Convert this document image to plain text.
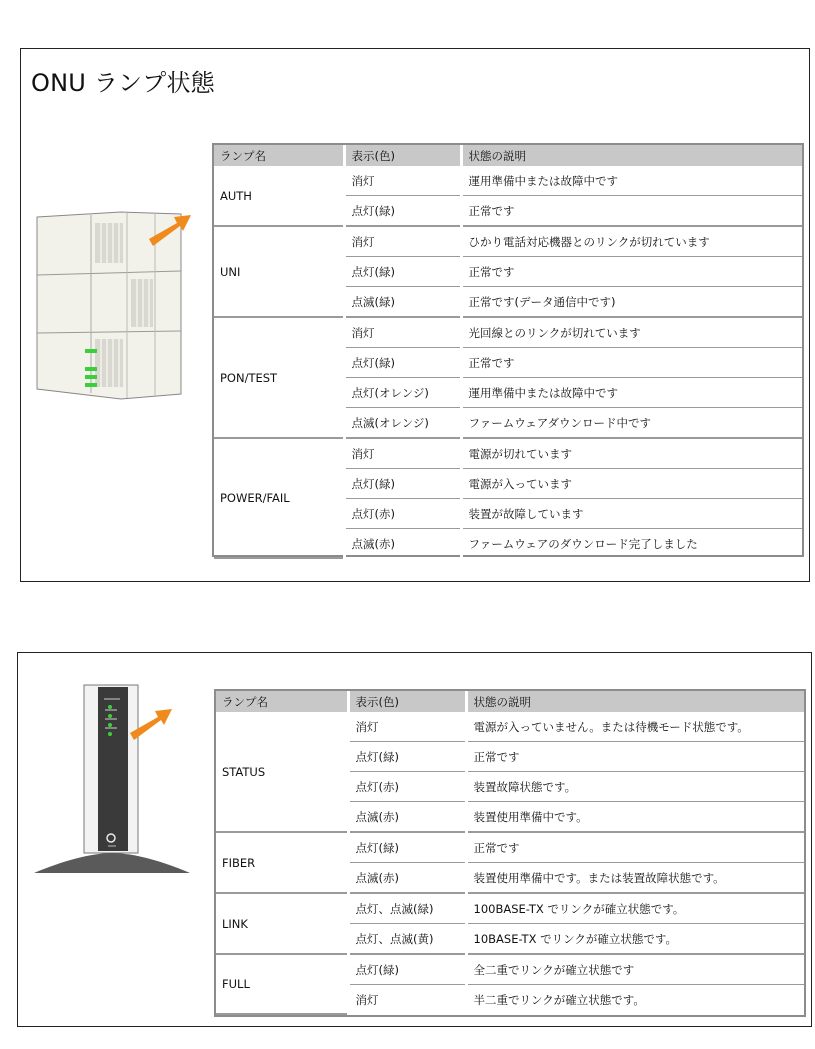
ONU ランプ状態
ランプ名	表示(色)	状態の説明
AUTH	消灯	運用準備中または故障中です
	点灯(緑)	正常です
UNI	消灯	ひかり電話対応機器とのリンクが切れています
	点灯(緑)	正常です
	点滅(緑)	正常です(データ通信中です)
PON/TEST	消灯	光回線とのリンクが切れています
	点灯(緑)	正常です
	点灯(オレンジ)	運用準備中または故障中です
	点滅(オレンジ)	ファームウェアダウンロード中です
POWER/FAIL	消灯	電源が切れています
	点灯(緑)	電源が入っています
	点灯(赤)	装置が故障しています
	点滅(赤)	ファームウェアのダウンロード完了しました
ランプ名	表示(色)	状態の説明
STATUS	消灯	電源が入っていません。または待機モード状態です。
	点灯(緑)	正常です
	点灯(赤)	装置故障状態です。
	点滅(赤)	装置使用準備中です。
FIBER	点灯(緑)	正常です
	点滅(赤)	装置使用準備中です。または装置故障状態です。
LINK	点灯、点滅(緑)	100BASE-TX でリンクが確立状態です。
	点灯、点滅(黄)	10BASE-TX でリンクが確立状態です。
FULL	点灯(緑)	全二重でリンクが確立状態です
	消灯	半二重でリンクが確立状態です。
